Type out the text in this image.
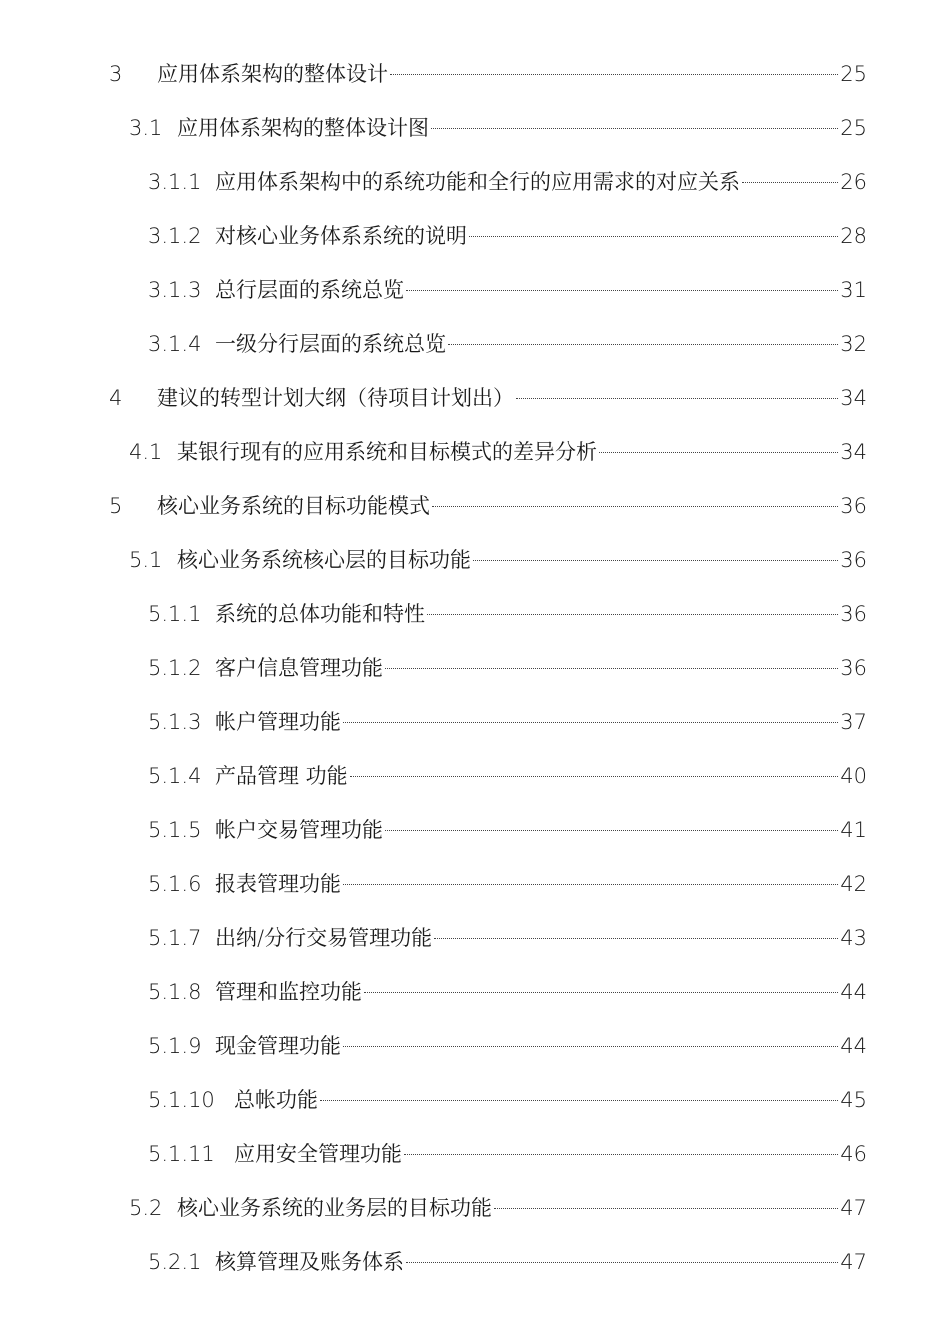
3 应用体系架构的整体设计	25
3.1 应用体系架构的整体设计图	25
3.1.1 应用体系架构中的系统功能和全行的应用需求的对应关系	26
3.1.2 对核心业务体系系统的说明	28
3.1.3 总行层面的系统总览	31
3.1.4 一级分行层面的系统总览	32
4 建议的转型计划大纲（待项目计划出）	34
4.1 某银行现有的应用系统和目标模式的差异分析	34
5 核心业务系统的目标功能模式	36
5.1 核心业务系统核心层的目标功能	36
5.1.1 系统的总体功能和特性	36
5.1.2 客户信息管理功能	36
5.1.3 帐户管理功能	37
5.1.4 产品管理 功能	40
5.1.5 帐户交易管理功能	41
5.1.6 报表管理功能	42
5.1.7 出纳/分行交易管理功能	43
5.1.8 管理和监控功能	44
5.1.9 现金管理功能	44
5.1.10 总帐功能	45
5.1.11 应用安全管理功能	46
5.2 核心业务系统的业务层的目标功能	47
5.2.1 核算管理及账务体系	47
